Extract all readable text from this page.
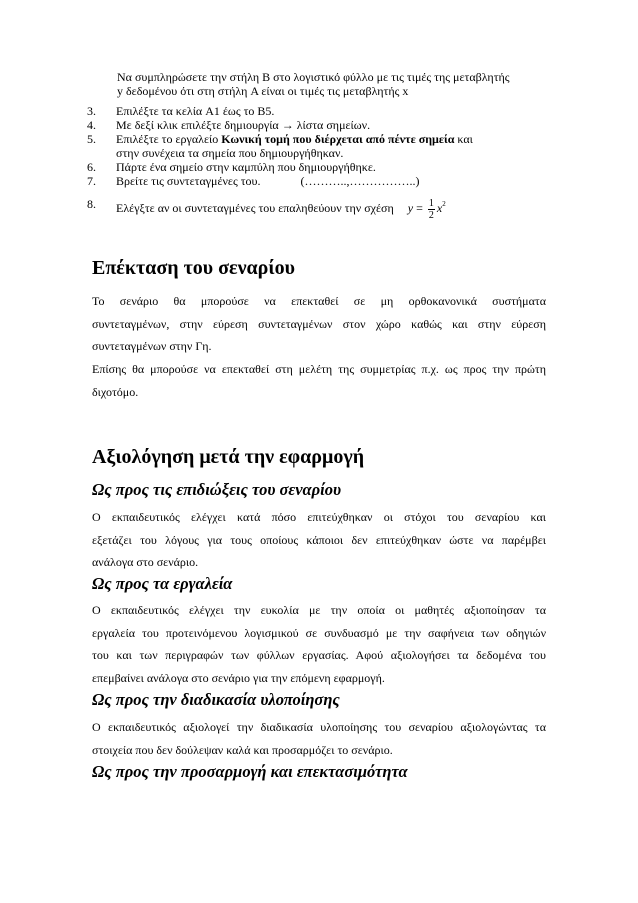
Να συμπληρώσετε την στήλη B στο λογιστικό φύλλο με τις τιμές της μεταβλητής
y δεδομένου ότι στη στήλη A είναι οι τιμές τις μεταβλητής x
3. Επιλέξτε τα κελία A1 έως το B5.
4. Με δεξί κλικ επιλέξτε δημιουργία → λίστα σημείων.
5. Επιλέξτε το εργαλείο Κωνική τομή που διέρχεται από πέντε σημεία και
στην συνέχεια τα σημεία που δημιουργήθηκαν.
6. Πάρτε ένα σημείο στην καμπύλη που δημιουργήθηκε.
7. Βρείτε τις συντεταγμένες του.	(………..,……………..)
8. Ελέγξτε αν οι συντεταγμένες του επαληθεύουν την σχέση $y = \frac{1}{2} x^2$
Επέκταση του σεναρίου
Το σενάριο θα μπορούσε να επεκταθεί σε μη ορθοκανονικά συστήματα
συντεταγμένων, στην εύρεση συντεταγμένων στον χώρο καθώς και στην εύρεση
συντεταγμένων στην Γη.
Επίσης θα μπορούσε να επεκταθεί στη μελέτη της συμμετρίας π.χ. ως προς την πρώτη
διχοτόμο.
Αξιολόγηση μετά την εφαρμογή
Ως προς τις επιδιώξεις του σεναρίου
Ο εκπαιδευτικός ελέγχει κατά πόσο επιτεύχθηκαν οι στόχοι του σεναρίου και
εξετάζει του λόγους για τους οποίους κάποιοι δεν επιτεύχθηκαν ώστε να παρέμβει
ανάλογα στο σενάριο.
Ως προς τα εργαλεία
Ο εκπαιδευτικός ελέγχει την ευκολία με την οποία οι μαθητές αξιοποίησαν τα
εργαλεία του προτεινόμενου λογισμικού σε συνδυασμό με την σαφήνεια των οδηγιών
του και των περιγραφών των φύλλων εργασίας. Αφού αξιολογήσει τα δεδομένα του
επεμβαίνει ανάλογα στο σενάριο για την επόμενη εφαρμογή.
Ως προς την διαδικασία υλοποίησης
Ο εκπαιδευτικός αξιολογεί την διαδικασία υλοποίησης του σεναρίου αξιολογώντας τα
στοιχεία που δεν δούλεψαν καλά και προσαρμόζει το σενάριο.
Ως προς την προσαρμογή και επεκτασιμότητα
